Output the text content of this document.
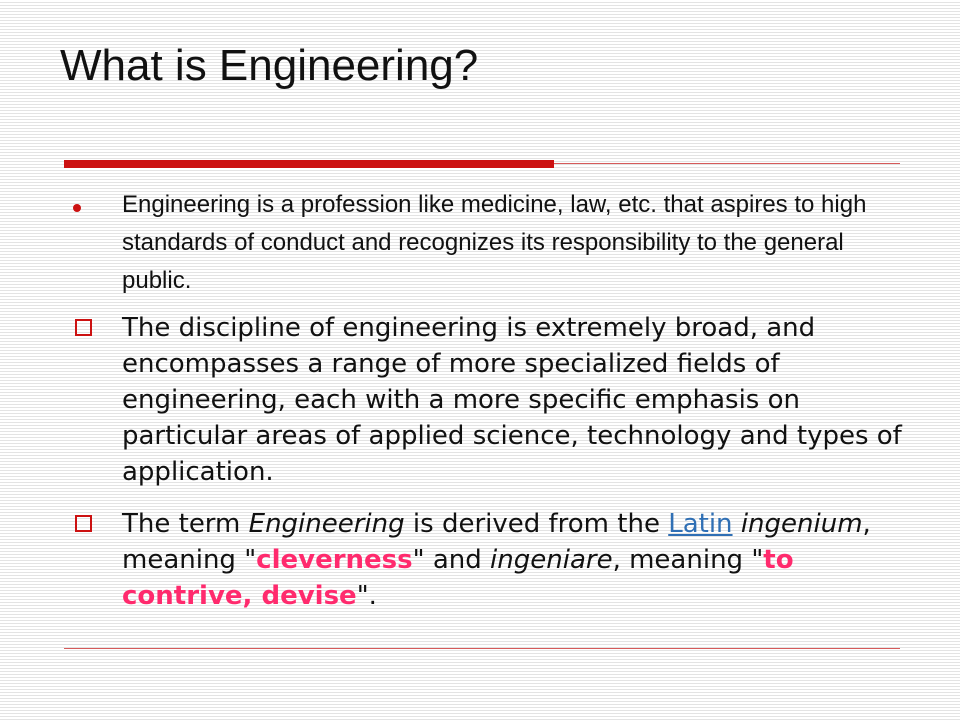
What is Engineering?

Engineering is a profession like medicine, law, etc. that aspires to high standards of conduct and recognizes its responsibility to the general public.

The discipline of engineering is extremely broad, and encompasses a range of more specialized fields of engineering, each with a more specific emphasis on particular areas of applied science, technology and types of application.

The term Engineering is derived from the Latin ingenium, meaning "cleverness" and ingeniare, meaning "to contrive, devise".
